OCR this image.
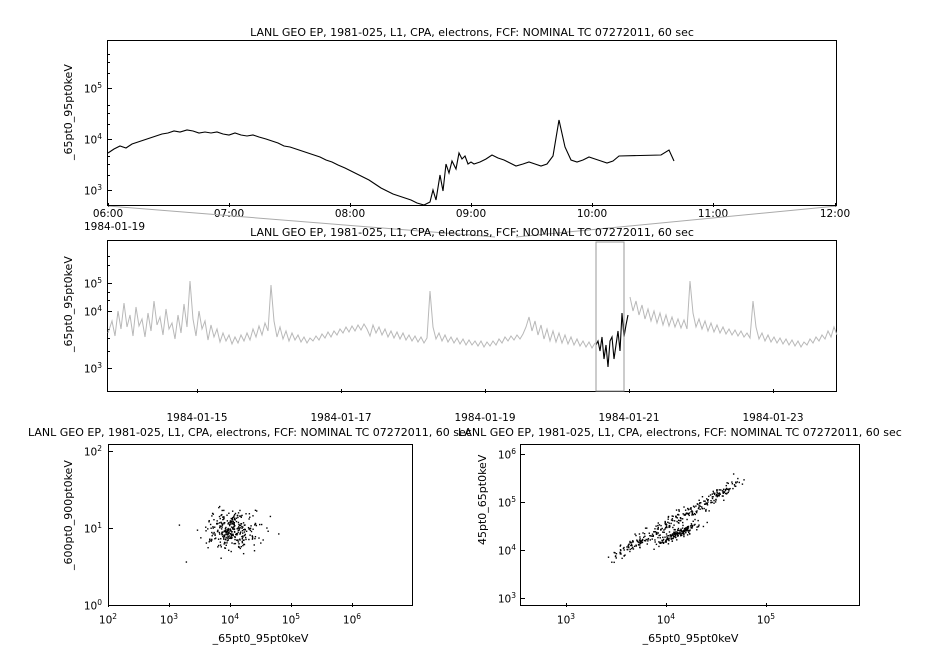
LANL GEO EP, 1981-025, L1, CPA, electrons, FCF: NOMINAL TC 07272011, 60 sec
_65pt0_95pt0keV
$10^3$
$10^4$
$10^5$
06:00	07:00	08:00	09:00	10:00	11:00	12:00
1984-01-19	LANL GEO EP, 1981-025, L1, CPA, electrons, FCF: NOMINAL TC 07272011, 60 sec
_65pt0_95pt0keV
$10^3$
$10^4$
$10^5$
1984-01-15	1984-01-17	1984-01-19	1984-01-21	1984-01-23
LANL GEO EP, 1981-025, L1, CPA, electrons, FCF: NOMINAL TC 07272011, 60 sec
_600pt0_900pt0keV
_65pt0_95pt0keV
$10^0$
$10^1$
$10^2$
$10^2$	$10^3$	$10^4$	$10^5$	$10^6$
LANL GEO EP, 1981-025, L1, CPA, electrons, FCF: NOMINAL TC 07272011, 60 sec
45pt0_65pt0keV
_65pt0_95pt0keV
$10^3$
$10^4$
$10^5$
$10^6$
$10^3$	$10^4$	$10^5$
